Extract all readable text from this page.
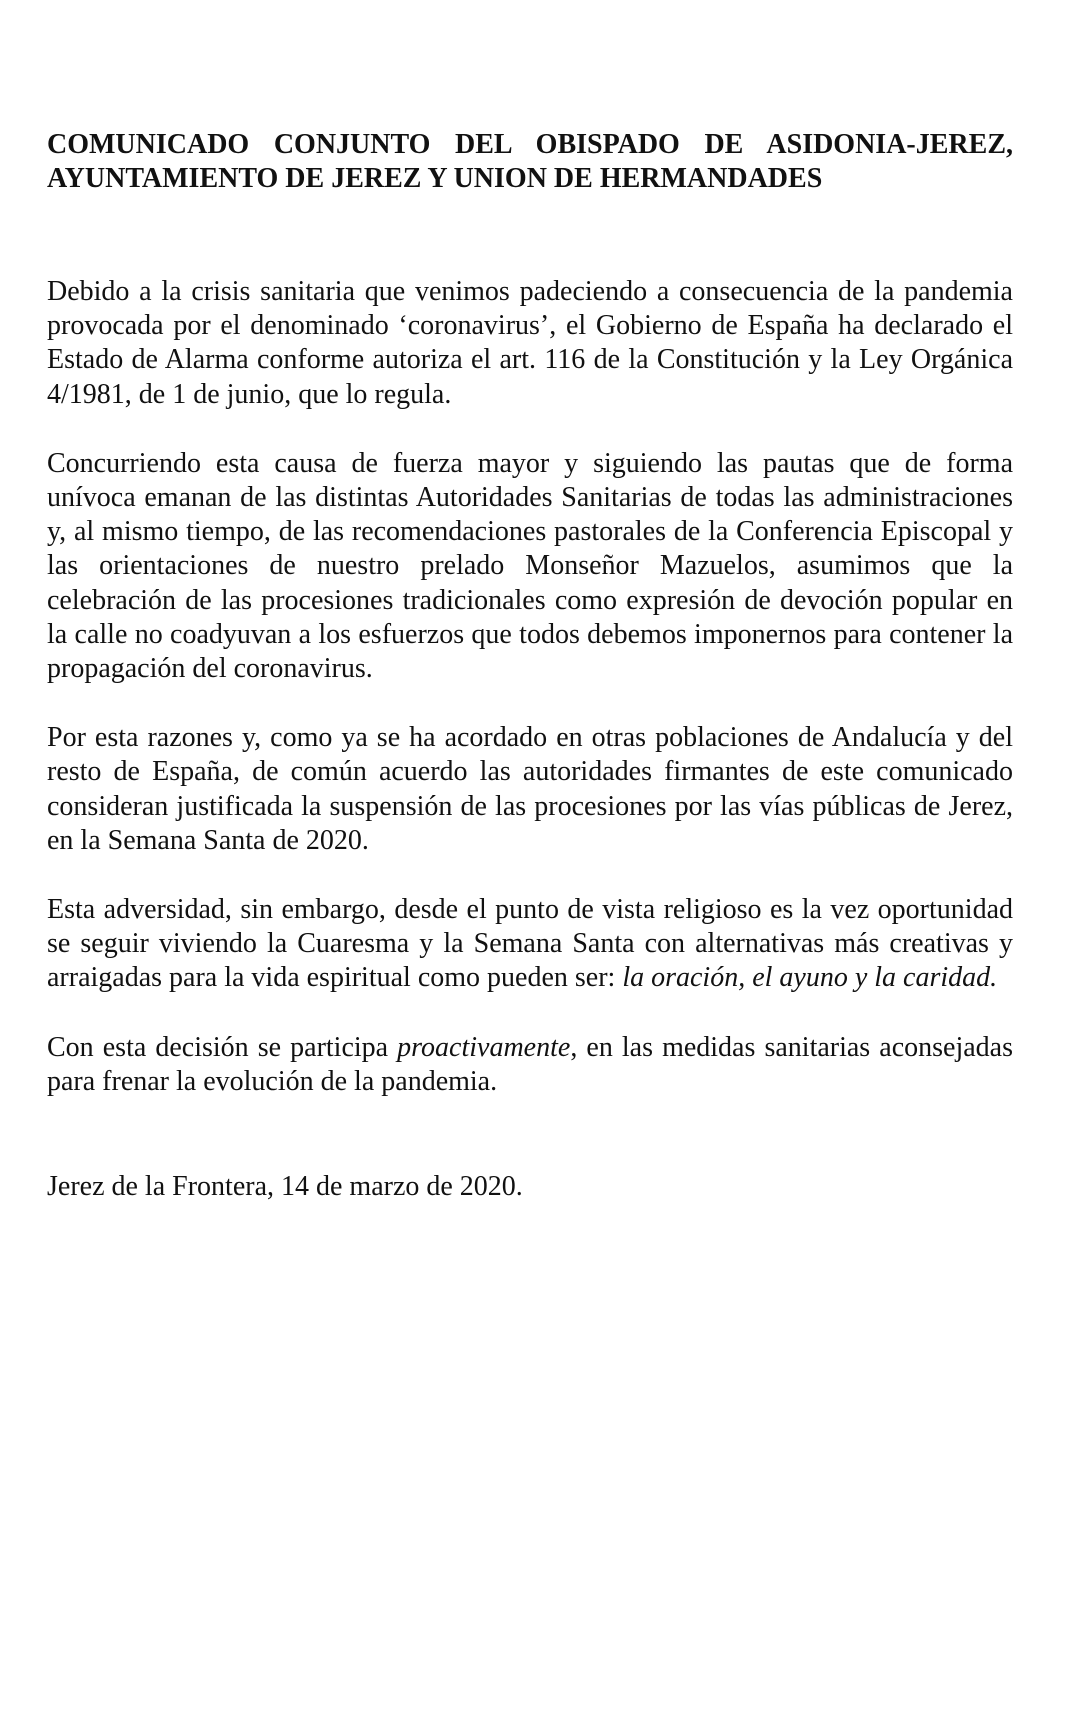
COMUNICADO CONJUNTO DEL OBISPADO DE ASIDONIA-JEREZ,
AYUNTAMIENTO DE JEREZ Y UNION DE HERMANDADES

Debido a la crisis sanitaria que venimos padeciendo a consecuencia de la pandemia provocada por el denominado ‘coronavirus’, el Gobierno de España ha declarado el Estado de Alarma conforme autoriza el art. 116 de la Constitución y la Ley Orgánica 4/1981, de 1 de junio, que lo regula.

Concurriendo esta causa de fuerza mayor y siguiendo las pautas que de forma unívoca emanan de las distintas Autoridades Sanitarias de todas las administraciones y, al mismo tiempo, de las recomendaciones pastorales de la Conferencia Episcopal y las orientaciones de nuestro prelado Monseñor Mazuelos, asumimos que la celebración de las procesiones tradicionales como expresión de devoción popular en la calle no coadyuvan a los esfuerzos que todos debemos imponernos para contener la propagación del coronavirus.

Por esta razones y, como ya se ha acordado en otras poblaciones de Andalucía y del resto de España, de común acuerdo las autoridades firmantes de este comunicado consideran justificada la suspensión de las procesiones por las vías públicas de Jerez, en la Semana Santa de 2020.

Esta adversidad, sin embargo, desde el punto de vista religioso es la vez oportunidad se seguir viviendo la Cuaresma y la Semana Santa con alternativas más creativas y arraigadas para la vida espiritual como pueden ser: la oración, el ayuno y la caridad.

Con esta decisión se participa proactivamente, en las medidas sanitarias aconsejadas para frenar la evolución de la pandemia.

Jerez de la Frontera, 14 de marzo de 2020.
